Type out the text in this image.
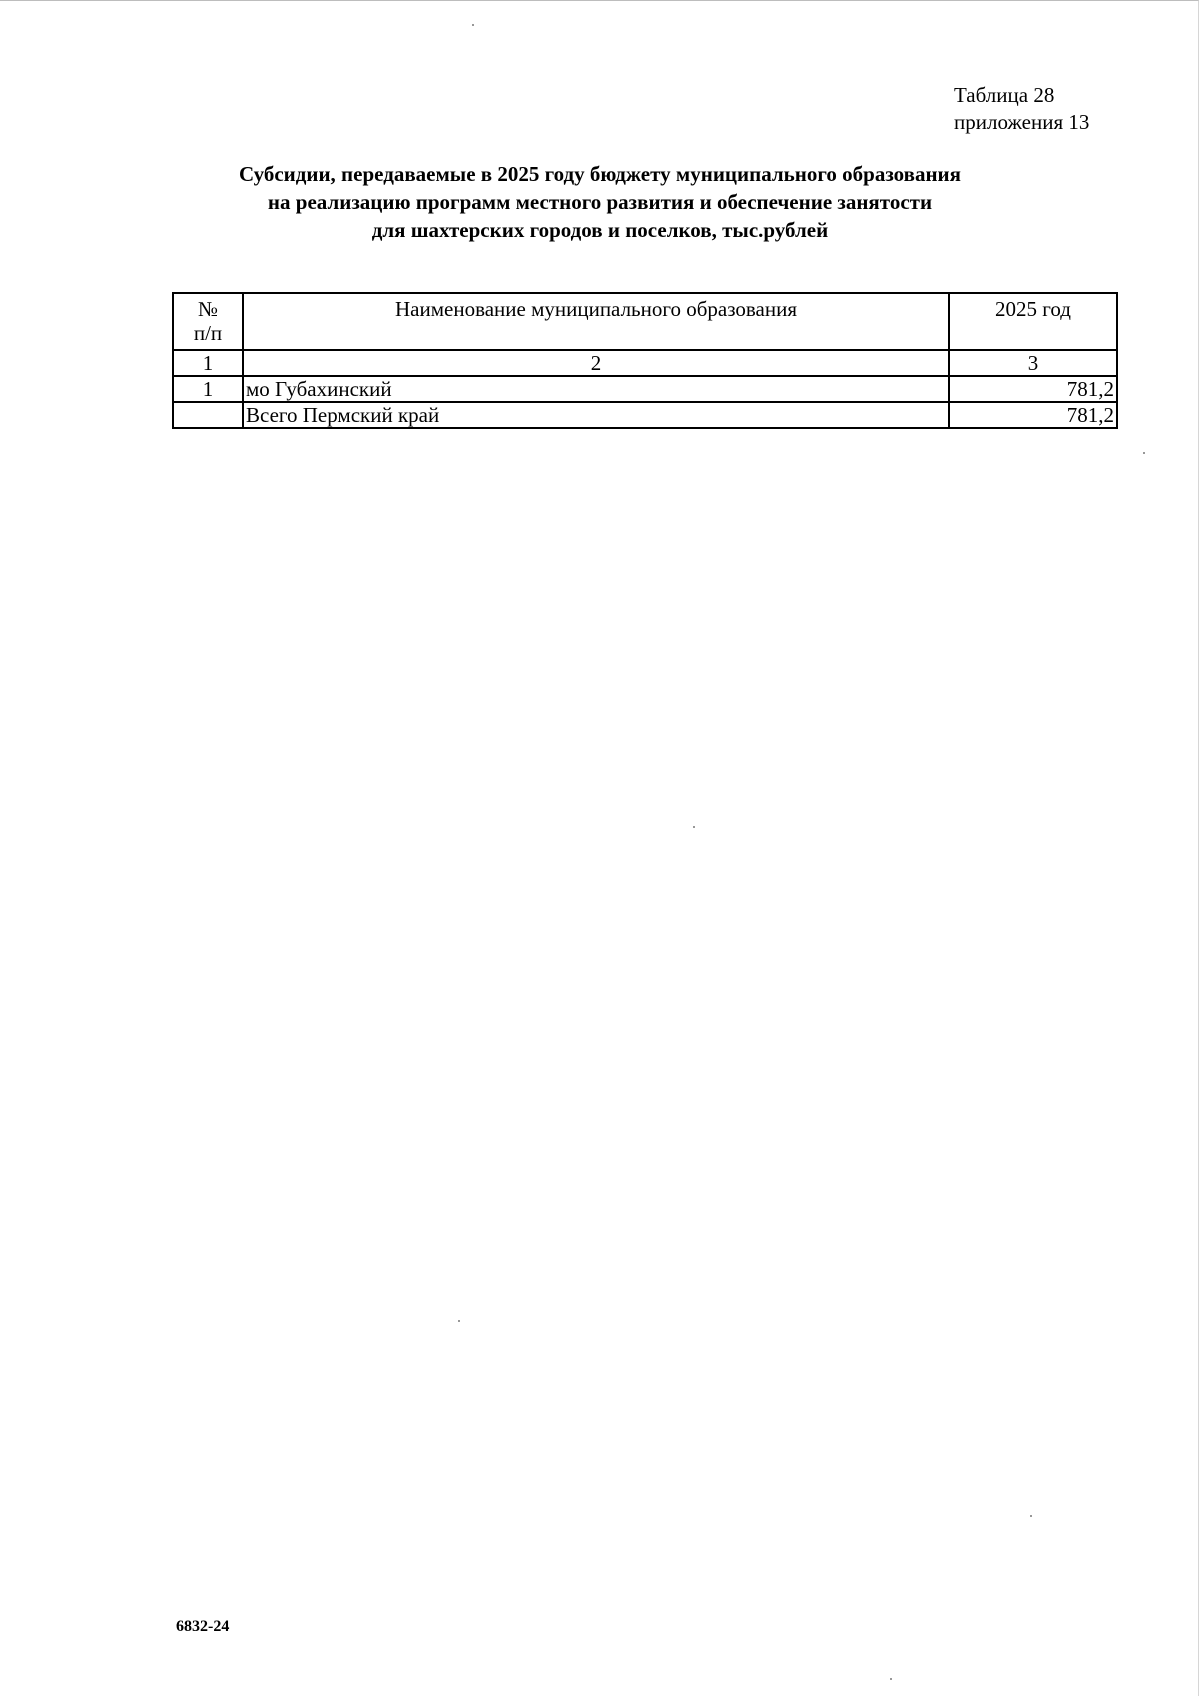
Таблица 28
приложения 13
Субсидии, передаваемые в 2025 году бюджету муниципального образования
на реализацию программ местного развития и обеспечение занятости
для шахтерских городов и поселков, тыс.рублей
№
п/п	Наименование муниципального образования	2025 год
1	2	3
1	мо Губахинский	781,2
	Всего Пермский край	781,2
6832-24
